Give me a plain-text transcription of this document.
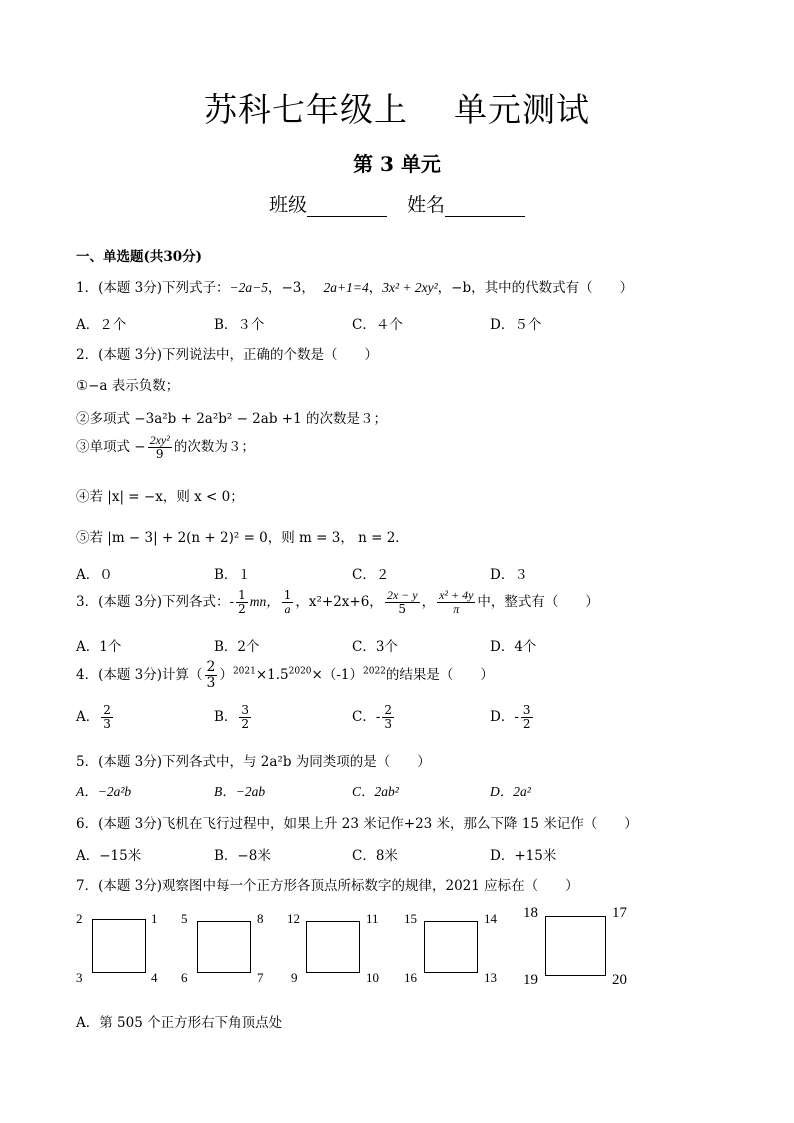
苏科七年级上 单元测试
第 3 单元
班级	姓名
一、单选题(共30分)
1．(本题 3分)下列式子：−2a−5，−3， 2a+1=4，3x² + 2xy²，−b，其中的代数式有（　　）
A．２个	B．３个	C．４个	D．５个
2．(本题 3分)下列说法中，正确的个数是（　　）
①−a 表示负数；
②多项式 −3a²b + 2a²b² − 2ab +1 的次数是３；
③单项式 − $\frac{\text{2xy²}}{9}$ 的次数为３；
④若 |x| = −x，则 x < 0；
⑤若 |m − 3| + 2(n + 2)² = 0，则 m = 3， n = 2．
A．０	B．１	C．２	D．３
3．(本题 3分)下列各式：- $\frac{1}{2}$ mn， $\frac{1}{a}$ ，x²+2x+6， $\frac{2x - y}{5}$ ， $\frac{\text{x² + 4y}}{\pi}$ 中，整式有（　　）
A．1个	B．2个	C．3个	D．4个
4．(本题 3分)计算（ $\frac{2}{3} )^{2021}\times 1.5^{2020}\times(-1)^{2022}$的结果是（　　）
A． $\frac{2}{3}$	B． $\frac{3}{2}$	C．- $\frac{2}{3}$	D．- $\frac{3}{2}$
5．(本题 3分)下列各式中，与 2a²b 为同类项的是（　　）
A．−2a²b	B．−2ab	C．2ab²	D．2a²
6．(本题 3分)飞机在飞行过程中，如果上升 23 米记作+23 米，那么下降 15 米记作（　　）
A．−15米	B．−8米	C．8米	D．+15米
7．(本题 3分)观察图中每一个正方形各顶点所标数字的规律，2021 应标在（　　）
2	1
3	4
5	8
6	7
12	11
9	10
15	14
16	13
18	17
19	20
A．第 505 个正方形右下角顶点处
